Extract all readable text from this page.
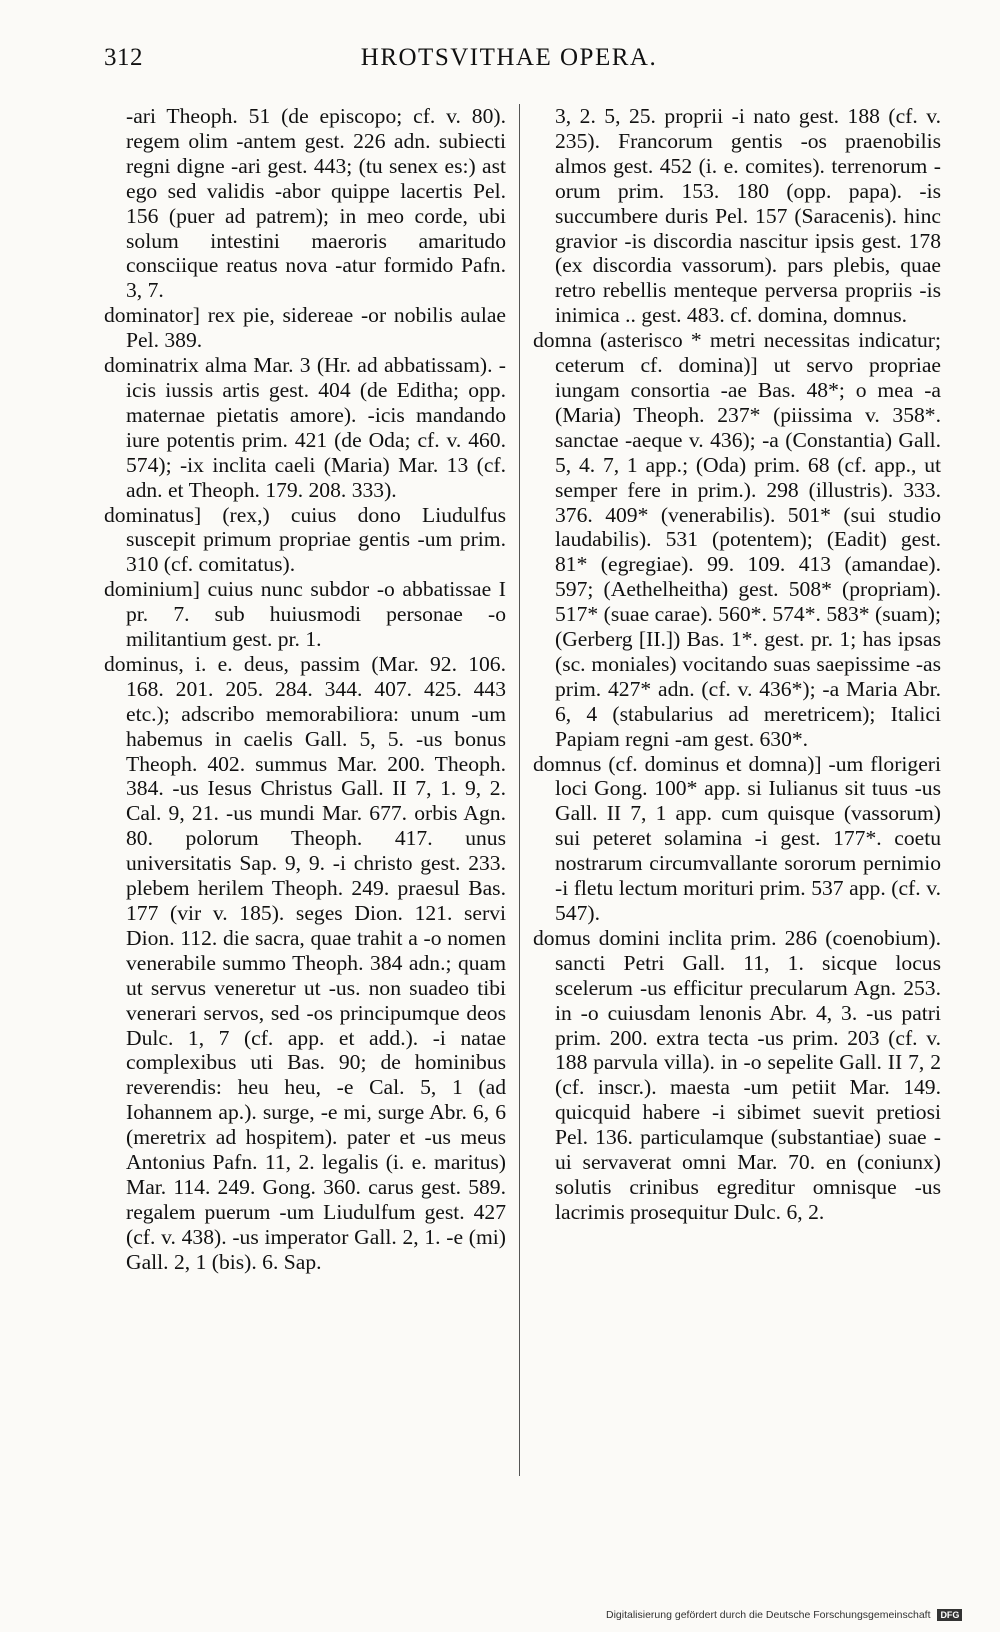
312	HROTSVITHAE OPERA.

-ari Theoph. 51 (de episcopo; cf. v. 80). regem olim -antem gest. 226 adn. subiecti regni digne -ari gest. 443; (tu senex es:) ast ego sed validis -abor quippe lacertis Pel. 156 (puer ad patrem); in meo corde, ubi solum intestini maeroris amaritudo consciique reatus nova -atur formido Pafn. 3, 7.

dominator] rex pie, sidereae -or nobilis aulae Pel. 389.

dominatrix alma Mar. 3 (Hr. ad abbatissam). -icis iussis artis gest. 404 (de Editha; opp. maternae pietatis amore). -icis mandando iure potentis prim. 421 (de Oda; cf. v. 460. 574); -ix inclita caeli (Maria) Mar. 13 (cf. adn. et Theoph. 179. 208. 333).

dominatus] (rex,) cuius dono Liudulfus suscepit primum propriae gentis -um prim. 310 (cf. comitatus).

dominium] cuius nunc subdor -o abbatissae I pr. 7. sub huiusmodi personae -o militantium gest. pr. 1.

dominus, i. e. deus, passim (Mar. 92. 106. 168. 201. 205. 284. 344. 407. 425. 443 etc.); adscribo memorabiliora: unum -um habemus in caelis Gall. 5, 5. -us bonus Theoph. 402. summus Mar. 200. Theoph. 384. -us Iesus Christus Gall. II 7, 1. 9, 2. Cal. 9, 21. -us mundi Mar. 677. orbis Agn. 80. polorum Theoph. 417. unus universitatis Sap. 9, 9. -i christo gest. 233. plebem herilem Theoph. 249. praesul Bas. 177 (vir v. 185). seges Dion. 121. servi Dion. 112. die sacra, quae trahit a -o nomen venerabile summo Theoph. 384 adn.; quam ut servus veneretur ut -us. non suadeo tibi venerari servos, sed -os principumque deos Dulc. 1, 7 (cf. app. et add.). -i natae complexibus uti Bas. 90; de hominibus reverendis: heu heu, -e Cal. 5, 1 (ad Iohannem ap.). surge, -e mi, surge Abr. 6, 6 (meretrix ad hospitem). pater et -us meus Antonius Pafn. 11, 2. legalis (i. e. maritus) Mar. 114. 249. Gong. 360. carus gest. 589. regalem puerum -um Liudulfum gest. 427 (cf. v. 438). -us imperator Gall. 2, 1. -e (mi) Gall. 2, 1 (bis). 6. Sap.

3, 2. 5, 25. proprii -i nato gest. 188 (cf. v. 235). Francorum gentis -os praenobilis almos gest. 452 (i. e. comites). terrenorum -orum prim. 153. 180 (opp. papa). -is succumbere duris Pel. 157 (Saracenis). hinc gravior -is discordia nascitur ipsis gest. 178 (ex discordia vassorum). pars plebis, quae retro rebellis menteque perversa propriis -is inimica .. gest. 483. cf. domina, domnus.

domna (asterisco * metri necessitas indicatur; ceterum cf. domina)] ut servo propriae iungam consortia -ae Bas. 48*; o mea -a (Maria) Theoph. 237* (piissima v. 358*. sanctae -aeque v. 436); -a (Constantia) Gall. 5, 4. 7, 1 app.; (Oda) prim. 68 (cf. app., ut semper fere in prim.). 298 (illustris). 333. 376. 409* (venerabilis). 501* (sui studio laudabilis). 531 (potentem); (Eadit) gest. 81* (egregiae). 99. 109. 413 (amandae). 597; (Aethelheitha) gest. 508* (propriam). 517* (suae carae). 560*. 574*. 583* (suam); (Gerberg [II.]) Bas. 1*. gest. pr. 1; has ipsas (sc. moniales) vocitando suas saepissime -as prim. 427* adn. (cf. v. 436*); -a Maria Abr. 6, 4 (stabularius ad meretricem); Italici Papiam regni -am gest. 630*.

domnus (cf. dominus et domna)] -um florigeri loci Gong. 100* app. si Iulianus sit tuus -us Gall. II 7, 1 app. cum quisque (vassorum) sui peteret solamina -i gest. 177*. coetu nostrarum circumvallante sororum pernimio -i fletu lectum morituri prim. 537 app. (cf. v. 547).

domus domini inclita prim. 286 (coenobium). sancti Petri Gall. 11, 1. sicque locus scelerum -us efficitur precularum Agn. 253. in -o cuiusdam lenonis Abr. 4, 3. -us patri prim. 200. extra tecta -us prim. 203 (cf. v. 188 parvula villa). in -o sepelite Gall. II 7, 2 (cf. inscr.). maesta -um petiit Mar. 149. quicquid habere -i sibimet suevit pretiosi Pel. 136. particulamque (substantiae) suae -ui servaverat omni Mar. 70. en (coniunx) solutis crinibus egreditur omnisque -us lacrimis prosequitur Dulc. 6, 2.

Digitalisierung gefördert durch die Deutsche Forschungsgemeinschaft DFG
